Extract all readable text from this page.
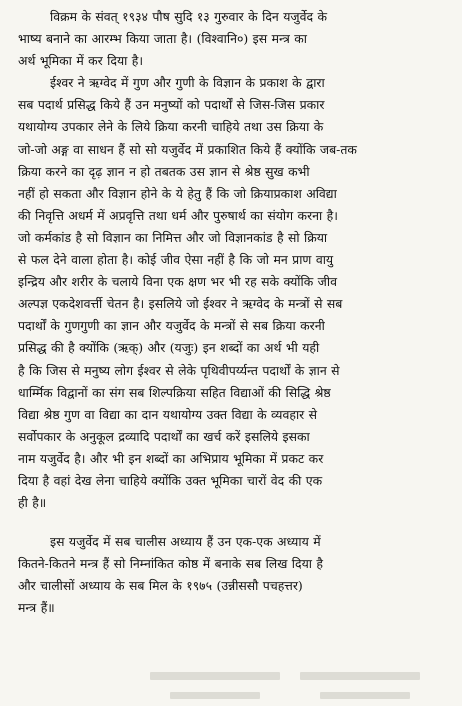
विक्रम के संवत् १९३४ पौष सुदि १३ गुरुवार के दिन यजुर्वेद के
भाष्य बनाने का आरम्भ किया जाता है। (विश्वानि०) इस मन्त्र का
अर्थ भूमिका में कर दिया है।
ईश्वर ने ऋग्वेद में गुण और गुणी के विज्ञान के प्रकाश के द्वारा
सब पदार्थ प्रसिद्ध किये हैं उन मनुष्यों को पदार्थों से जिस-जिस प्रकार
यथायोग्य उपकार लेने के लिये क्रिया करनी चाहिये तथा उस क्रिया के
जो-जो अङ्ग वा साधन हैं सो सो यजुर्वेद में प्रकाशित किये हैं क्योंकि जब-तक
क्रिया करने का दृढ़ ज्ञान न हो तबतक उस ज्ञान से श्रेष्ठ सुख कभी
नहीं हो सकता और विज्ञान होने के ये हेतु हैं कि जो क्रियाप्रकाश अविद्या
की निवृत्ति अधर्म में अप्रवृत्ति तथा धर्म और पुरुषार्थ का संयोग करना है।
जो कर्मकांड है सो विज्ञान का निमित्त और जो विज्ञानकांड है सो क्रिया
से फल देने वाला होता है। कोई जीव ऐसा नहीं है कि जो मन प्राण वायु
इन्द्रिय और शरीर के चलाये विना एक क्षण भर भी रह सके क्योंकि जीव
अल्पज्ञ एकदेशवर्त्ती चेतन है। इसलिये जो ईश्वर ने ऋग्वेद के मन्त्रों से सब
पदार्थों के गुणगुणी का ज्ञान और यजुर्वेद के मन्त्रों से सब क्रिया करनी
प्रसिद्ध की है क्योंकि (ऋक्) और (यजुः) इन शब्दों का अर्थ भी यही
है कि जिस से मनुष्य लोग ईश्वर से लेके पृथिवीपर्य्यन्त पदार्थों के ज्ञान से
धार्म्मिक विद्वानों का संग सब शिल्पक्रिया सहित विद्याओं की सिद्धि श्रेष्ठ
विद्या श्रेष्ठ गुण वा विद्या का दान यथायोग्य उक्त विद्या के व्यवहार से
सर्वोपकार के अनुकूल द्रव्यादि पदार्थों का खर्च करें इसलिये इसका
नाम यजुर्वेद है। और भी इन शब्दों का अभिप्राय भूमिका में प्रकट कर
दिया है वहां देख लेना चाहिये क्योंकि उक्त भूमिका चारों वेद की एक
ही है॥
इस यजुर्वेद में सब चालीस अध्याय हैं उन एक-एक अध्याय में
कितने-कितने मन्त्र हैं सो निम्नांकित कोष्ठ में बनाके सब लिख दिया है
और चालीसों अध्याय के सब मिल के १९७५ (उन्नीससौ पचहत्तर)
मन्त्र हैं॥
